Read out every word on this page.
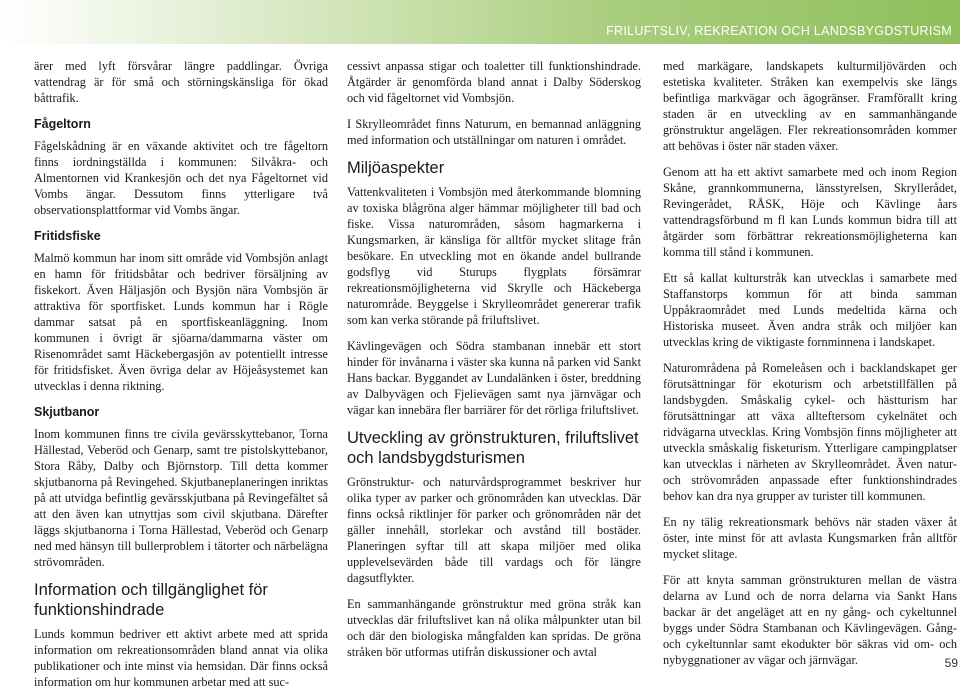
FRILUFTSLIV, REKREATION OCH LANDSBYGDSTURISM

ärer med lyft försvårar längre paddlingar. Övriga vattendrag är för små och störningskänsliga för ökad båttrafik.

Fågeltorn

Fågelskådning är en växande aktivitet och tre fågeltorn finns iordningställda i kommunen: Silvåkra- och Almentornen vid Krankesjön och det nya Fågeltornet vid Vombs ängar. Dessutom finns ytterligare två observationsplattformar vid Vombs ängar.

Fritidsfiske

Malmö kommun har inom sitt område vid Vombsjön anlagt en hamn för fritidsbåtar och bedriver försäljning av fiskekort. Även Häljasjön och Bysjön nära Vombsjön är attraktiva för sportfisket. Lunds kommun har i Rögle dammar satsat på en sportfiskeanläggning. Inom kommunen i övrigt är sjöarna/dammarna väster om Risenområdet samt Häckebergasjön av potentiellt intresse för fritidsfisket. Även övriga delar av Höjeåsystemet kan utvecklas i denna riktning.

Skjutbanor

Inom kommunen finns tre civila gevärsskyttebanor, Torna Hällestad, Veberöd och Genarp, samt tre pistolskyttebanor, Stora Råby, Dalby och Björnstorp. Till detta kommer skjutbanorna på Revingehed. Skjutbaneplaneringen inriktas på att utvidga befintlig gevärsskjutbana på Revingefältet så att den även kan utnyttjas som civil skjutbana. Därefter läggs skjutbanorna i Torna Hällestad, Veberöd och Genarp ned med hänsyn till bullerproblem i tätorter och närbelägna strövområden.

Information och tillgänglighet för funktionshindrade

Lunds kommun bedriver ett aktivt arbete med att sprida information om rekreationsområden bland annat via olika publikationer och inte minst via hemsidan. Där finns också information om hur kommunen arbetar med att suc-

cessivt anpassa stigar och toaletter till funktionshindrade. Åtgärder är genomförda bland annat i Dalby Söderskog och vid fågeltornet vid Vombsjön.

I Skrylleområdet finns Naturum, en bemannad anläggning med information och utställningar om naturen i området.

Miljöaspekter

Vattenkvaliteten i Vombsjön med återkommande blomning av toxiska blågröna alger hämmar möjligheter till bad och fiske. Vissa naturområden, såsom hagmarkerna i Kungsmarken, är känsliga för alltför mycket slitage från besökare. En utveckling mot en ökande andel bullrande godsflyg vid Sturups flygplats försämrar rekreationsmöjligheterna vid Skrylle och Häckeberga naturområde. Beyggelse i Skrylleområdet genererar trafik som kan verka störande på friluftslivet.

Kävlingevägen och Södra stambanan innebär ett stort hinder för invånarna i väster ska kunna nå parken vid Sankt Hans backar. Byggandet av Lundalänken i öster, breddning av Dalbyvägen och Fjelievägen samt nya järnvägar och vägar kan innebära fler barriärer för det rörliga friluftslivet.

Utveckling av grönstrukturen, friluftslivet och landsbygdsturismen

Grönstruktur- och naturvårdsprogrammet beskriver hur olika typer av parker och grönområden kan utvecklas. Där finns också riktlinjer för parker och grönområden när det gäller innehåll, storlekar och avstånd till bostäder. Planeringen syftar till att skapa miljöer med olika upplevelsevärden både till vardags och för längre dagsutflykter.

En sammanhängande grönstruktur med gröna stråk kan utvecklas där friluftslivet kan nå olika målpunkter utan bil och där den biologiska mångfalden kan spridas. De gröna stråken bör utformas utifrån diskussioner och avtal

med markägare, landskapets kulturmiljövärden och estetiska kvaliteter. Stråken kan exempelvis ske längs befintliga markvägar och ägogränser. Framförallt kring staden är en utveckling av en sammanhängande grönstruktur angelägen. Fler rekreationsområden kommer att behövas i öster när staden växer.

Genom att ha ett aktivt samarbete med och inom Region Skåne, grannkommunerna, länsstyrelsen, Skryllerådet, Revingerådet, RÅSK, Höje och Kävlinge åars vattendragsförbund m fl kan Lunds kommun bidra till att åtgärder som förbättrar rekreationsmöjligheterna kan komma till stånd i kommunen.

Ett så kallat kulturstråk kan utvecklas i samarbete med Staffanstorps kommun för att binda samman Uppåkraområdet med Lunds medeltida kärna och Historiska museet. Även andra stråk och miljöer kan utvecklas kring de viktigaste fornminnena i landskapet.

Naturområdena på Romeleåsen och i backlandskapet ger förutsättningar för ekoturism och arbetstillfällen på landsbygden. Småskalig cykel- och hästturism har förutsättningar att växa allteftersom cykelnätet och ridvägarna utvecklas. Kring Vombsjön finns möjligheter att utveckla småskalig fisketurism. Ytterligare campingplatser kan utvecklas i närheten av Skrylleområdet. Även natur- och strövområden anpassade efter funktionshindrades behov kan dra nya grupper av turister till kommunen.

En ny tälig rekreationsmark behövs när staden växer åt öster, inte minst för att avlasta Kungsmarken från alltför mycket slitage.

För att knyta samman grönstrukturen mellan de västra delarna av Lund och de norra delarna via Sankt Hans backar är det angeläget att en ny gång- och cykeltunnel byggs under Södra Stambanan och Kävlingevägen. Gång- och cykeltunnlar samt ekodukter bör säkras vid om- och nybyggnationer av vägar och järnvägar.	59
